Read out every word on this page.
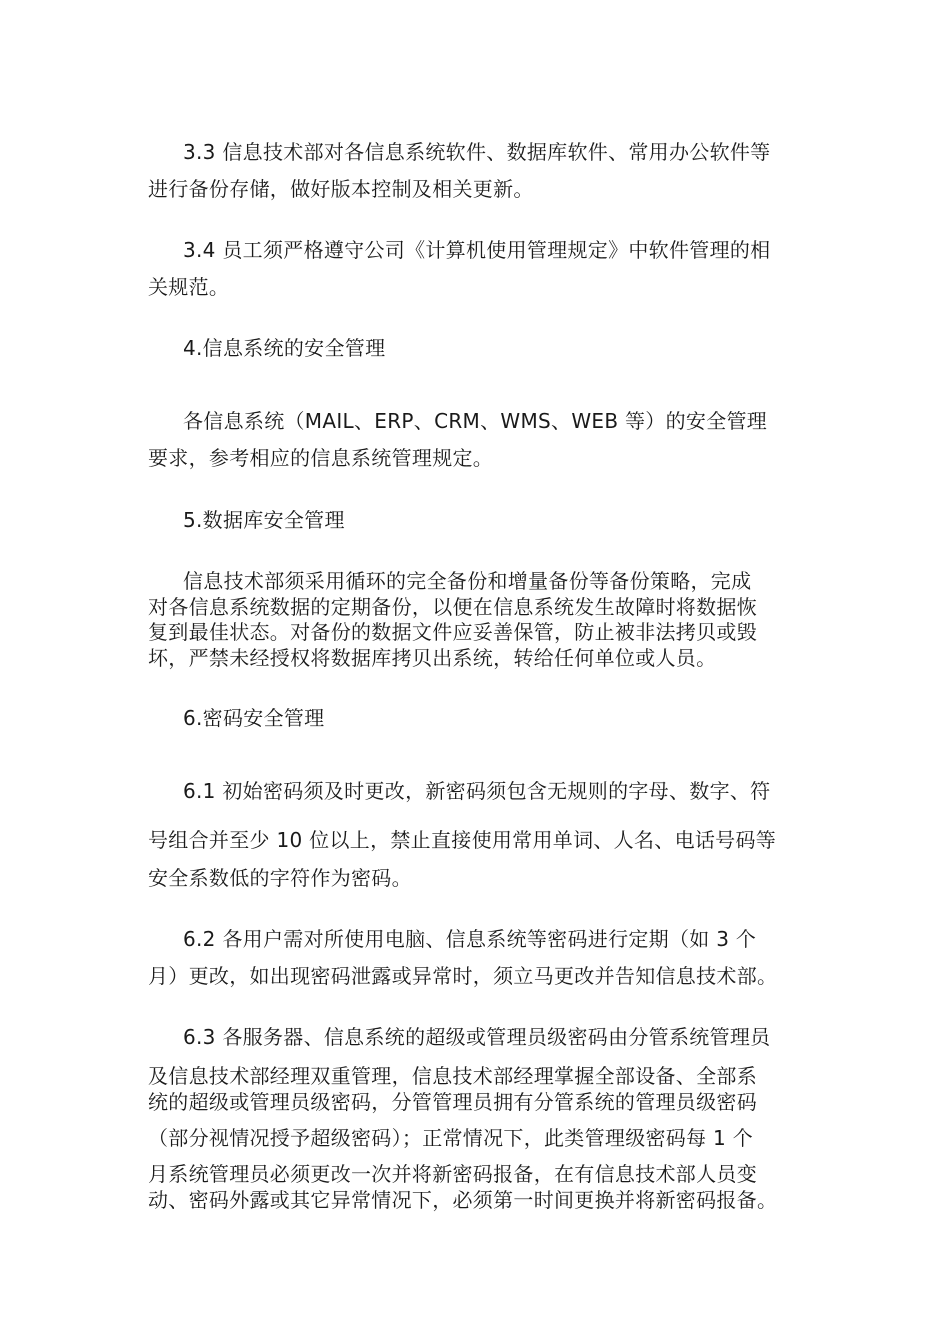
3.3 信息技术部对各信息系统软件、数据库软件、常用办公软件等
进行备份存储，做好版本控制及相关更新。
3.4 员工须严格遵守公司《计算机使用管理规定》中软件管理的相
关规范。
4.信息系统的安全管理
各信息系统（MAIL、ERP、CRM、WMS、WEB 等）的安全管理
要求，参考相应的信息系统管理规定。
5.数据库安全管理
信息技术部须采用循环的完全备份和增量备份等备份策略，完成
对各信息系统数据的定期备份，以便在信息系统发生故障时将数据恢
复到最佳状态。对备份的数据文件应妥善保管，防止被非法拷贝或毁
坏，严禁未经授权将数据库拷贝出系统，转给任何单位或人员。
6.密码安全管理
6.1 初始密码须及时更改，新密码须包含无规则的字母、数字、符
号组合并至少 10 位以上，禁止直接使用常用单词、人名、电话号码等
安全系数低的字符作为密码。
6.2 各用户需对所使用电脑、信息系统等密码进行定期（如 3 个
月）更改，如出现密码泄露或异常时，须立马更改并告知信息技术部。
6.3 各服务器、信息系统的超级或管理员级密码由分管系统管理员
及信息技术部经理双重管理，信息技术部经理掌握全部设备、全部系
统的超级或管理员级密码，分管管理员拥有分管系统的管理员级密码
（部分视情况授予超级密码）；正常情况下，此类管理级密码每 1 个
月系统管理员必须更改一次并将新密码报备，在有信息技术部人员变
动、密码外露或其它异常情况下，必须第一时间更换并将新密码报备。
